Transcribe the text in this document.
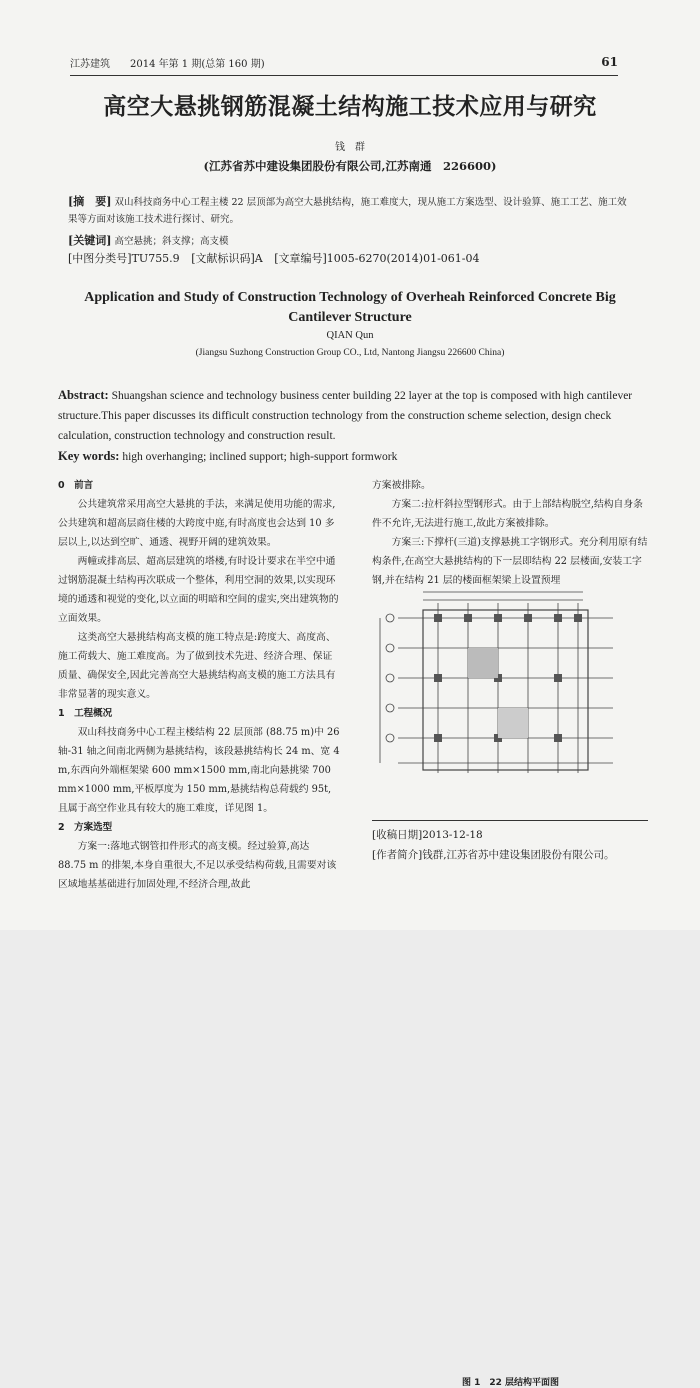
江苏建筑　　2014 年第 1 期(总第 160 期)	61
高空大悬挑钢筋混凝土结构施工技术应用与研究
钱　群
(江苏省苏中建设集团股份有限公司,江苏南通　226600)
[摘　要] 双山科技商务中心工程主楼 22 层顶部为高空大悬挑结构，施工难度大，现从施工方案选型、设计验算、施工工艺、施工效果等方面对该施工技术进行探讨、研究。
[关键词] 高空悬挑；斜支撑；高支模
[中图分类号]TU755.9 [文献标识码]A [文章编号]1005-6270(2014)01-061-04
Application and Study of Construction Technology of Overheah Reinforced Concrete Big Cantilever Structure
QIAN Qun
(Jiangsu Suzhong Construction Group CO., Ltd, Nantong Jiangsu 226600 China)
Abstract: Shuangshan science and technology business center building 22 layer at the top is composed with high cantilever structure.This paper discusses its difficult construction technology from the construction scheme selection, design check calculation, construction technology and construction result.
Key words: high overhanging; inclined support; high-support formwork

0　前言

公共建筑常采用高空大悬挑的手法，来满足使用功能的需求,公共建筑和超高层商住楼的大跨度中庭,有时高度也会达到 10 多层以上,以达到空旷、通透、视野开阔的建筑效果。

两幢或排高层、超高层建筑的塔楼,有时设计要求在半空中通过钢筋混凝土结构再次联成一个整体，利用空洞的效果,以实现环境的通透和视觉的变化,以立面的明暗和空间的虚实,突出建筑物的立面效果。

这类高空大悬挑结构高支模的施工特点是:跨度大、高度高、施工荷载大、施工难度高。为了做到技术先进、经济合理、保证质量、确保安全,因此完善高空大悬挑结构高支模的施工方法具有非常显著的现实意义。

1　工程概况

双山科技商务中心工程主楼结构 22 层顶部 (88.75 m)中 26 轴-31 轴之间南北两侧为悬挑结构，该段悬挑结构长 24 m、宽 4 m,东西向外端框架梁 600 mm×1500 mm,南北向悬挑梁 700 mm×1000 mm,平板厚度为 150 mm,悬挑结构总荷载约 95t,且属于高空作业具有较大的施工难度，详见图 1。

2　方案选型

方案一:落地式钢管扣件形式的高支模。经过验算,高达 88.75 m 的排架,本身自重很大,不足以承受结构荷载,且需要对该区域地基基础进行加固处理,不经济合理,故此

方案被排除。

方案二:拉杆斜拉型钢形式。由于上部结构脱空,结构自身条件不允许,无法进行施工,故此方案被排除。

方案三:下撑杆(三道)支撑悬挑工字钢形式。充分利用原有结构条件,在高空大悬挑结构的下一层即结构 22 层楼面,安装工字钢,并在结构 21 层的楼面框架梁上设置预埋

图 1　22 层结构平面图
[收稿日期]2013-12-18
[作者简介]钱群,江苏省苏中建设集团股份有限公司。
